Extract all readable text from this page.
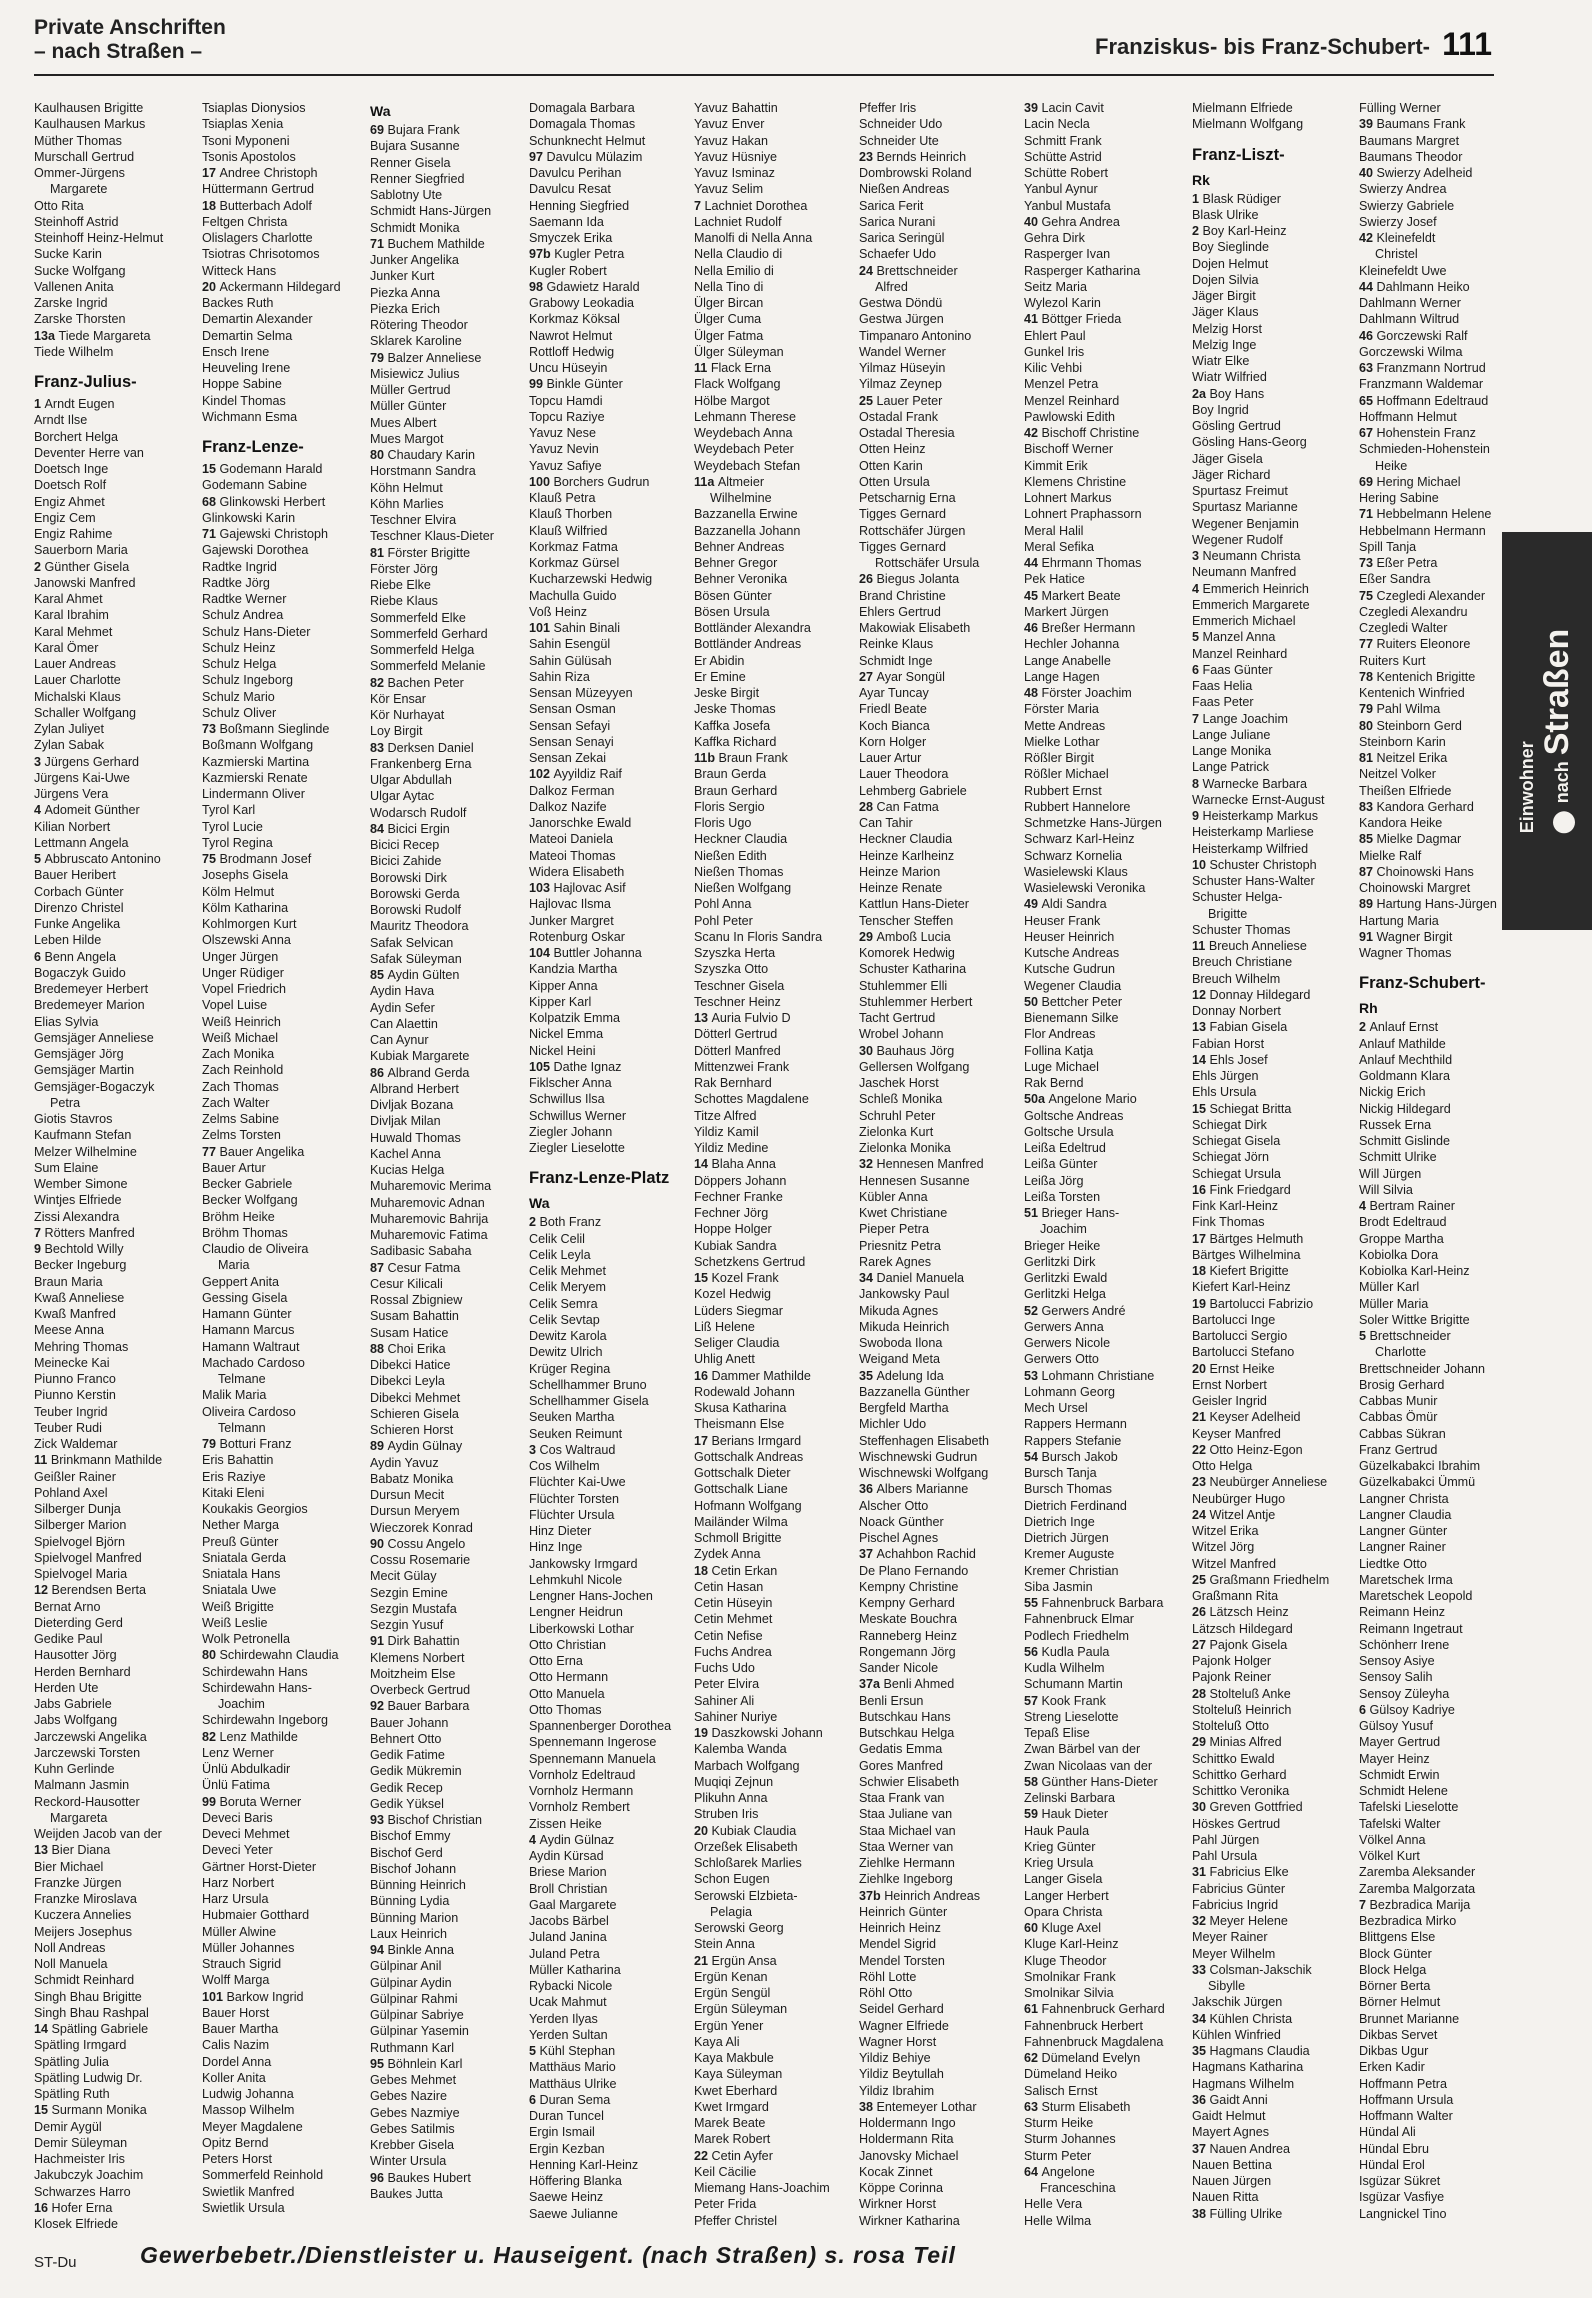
Private Anschriften
– nach Straßen –	Franziskus- bis Franz-Schubert- 111
Kaulhausen Brigitte
Kaulhausen Markus
Müther Thomas
Murschall Gertrud
Ommer-Jürgens
Margarete
Otto Rita
Steinhoff Astrid
Steinhoff Heinz-Helmut
Sucke Karin
Sucke Wolfgang
Vallenen Anita
Zarske Ingrid
Zarske Thorsten
13a Tiede Margareta
Tiede Wilhelm
Franz-Julius-
1 Arndt Eugen
Arndt Ilse
Borchert Helga
Deventer Herre van
Doetsch Inge
Doetsch Rolf
Engiz Ahmet
Engiz Cem
Engiz Rahime
Sauerborn Maria
2 Günther Gisela
Janowski Manfred
Karal Ahmet
Karal Ibrahim
Karal Mehmet
Karal Ömer
Lauer Andreas
Lauer Charlotte
Michalski Klaus
Schaller Wolfgang
Zylan Juliyet
Zylan Sabak
3 Jürgens Gerhard
Jürgens Kai-Uwe
Jürgens Vera
4 Adomeit Günther
Kilian Norbert
Lettmann Angela
5 Abbruscato Antonino
Bauer Heribert
Corbach Günter
Direnzo Christel
Funke Angelika
Leben Hilde
6 Benn Angela
Bogaczyk Guido
Bredemeyer Herbert
Bredemeyer Marion
Elias Sylvia
Gemsjäger Anneliese
Gemsjäger Jörg
Gemsjäger Martin
Gemsjäger-Bogaczyk
Petra
Giotis Stavros
Kaufmann Stefan
Melzer Wilhelmine
Sum Elaine
Wember Simone
Wintjes Elfriede
Zissi Alexandra
7 Rötters Manfred
9 Bechtold Willy
Becker Ingeburg
Braun Maria
Kwaß Anneliese
Kwaß Manfred
Meese Anna
Mehring Thomas
Meinecke Kai
Piunno Franco
Piunno Kerstin
Teuber Ingrid
Teuber Rudi
Zick Waldemar
11 Brinkmann Mathilde
Geißler Rainer
Pohland Axel
Silberger Dunja
Silberger Marion
Spielvogel Björn
Spielvogel Manfred
Spielvogel Maria
12 Berendsen Berta
Bernat Arno
Dieterding Gerd
Gedike Paul
Hausotter Jörg
Herden Bernhard
Herden Ute
Jabs Gabriele
Jabs Wolfgang
Jarczewski Angelika
Jarczewski Torsten
Kuhn Gerlinde
Malmann Jasmin
Reckord-Hausotter
Margareta
Weijden Jacob van der
13 Bier Diana
Bier Michael
Franzke Jürgen
Franzke Miroslava
Kuczera Annelies
Meijers Josephus
Noll Andreas
Noll Manuela
Schmidt Reinhard
Singh Bhau Brigitte
Singh Bhau Rashpal
14 Spätling Gabriele
Spätling Irmgard
Spätling Julia
Spätling Ludwig Dr.
Spätling Ruth
15 Surmann Monika
Demir Aygül
Demir Süleyman
Hachmeister Iris
Jakubczyk Joachim
Schwarzes Harro
16 Hofer Erna
Klosek Elfriede
Tsiaplas Dionysios
Tsiaplas Xenia
Tsoni Myponeni
Tsonis Apostolos
17 Andree Christoph
Hüttermann Gertrud
18 Butterbach Adolf
Feltgen Christa
Olislagers Charlotte
Tsiotras Chrisotomos
Witteck Hans
20 Ackermann Hildegard
Backes Ruth
Demartin Alexander
Demartin Selma
Ensch Irene
Heuveling Irene
Hoppe Sabine
Kindel Thomas
Wichmann Esma
Franz-Lenze-
15 Godemann Harald
Godemann Sabine
68 Glinkowski Herbert
Glinkowski Karin
71 Gajewski Christoph
Gajewski Dorothea
Radtke Ingrid
Radtke Jörg
Radtke Werner
Schulz Andrea
Schulz Hans-Dieter
Schulz Heinz
Schulz Helga
Schulz Ingeborg
Schulz Mario
Schulz Oliver
73 Boßmann Sieglinde
Boßmann Wolfgang
Kazmierski Martina
Kazmierski Renate
Lindermann Oliver
Tyrol Karl
Tyrol Lucie
Tyrol Regina
75 Brodmann Josef
Josephs Gisela
Kölm Helmut
Kölm Katharina
Kohlmorgen Kurt
Olszewski Anna
Unger Jürgen
Unger Rüdiger
Vopel Friedrich
Vopel Luise
Weiß Heinrich
Weiß Michael
Zach Monika
Zach Reinhold
Zach Thomas
Zach Walter
Zelms Sabine
Zelms Torsten
77 Bauer Angelika
Bauer Artur
Becker Gabriele
Becker Wolfgang
Bröhm Heike
Bröhm Thomas
Claudio de Oliveira
Maria
Geppert Anita
Gessing Gisela
Hamann Günter
Hamann Marcus
Hamann Waltraut
Machado Cardoso
Telmane
Malik Maria
Oliveira Cardoso
Telmann
79 Botturi Franz
Eris Bahattin
Eris Raziye
Kitaki Eleni
Koukakis Georgios
Nether Marga
Preuß Günter
Sniatala Gerda
Sniatala Hans
Sniatala Uwe
Weiß Brigitte
Weiß Leslie
Wolk Petronella
80 Schirdewahn Claudia
Schirdewahn Hans
Schirdewahn Hans-
Joachim
Schirdewahn Ingeborg
82 Lenz Mathilde
Lenz Werner
Ünlü Abdulkadir
Ünlü Fatima
99 Boruta Werner
Deveci Baris
Deveci Mehmet
Deveci Yeter
Gärtner Horst-Dieter
Harz Norbert
Harz Ursula
Hubmaier Gotthard
Müller Alwine
Müller Johannes
Strauch Sigrid
Wolff Marga
101 Barkow Ingrid
Bauer Horst
Bauer Martha
Calis Nazim
Dordel Anna
Koller Anita
Ludwig Johanna
Massop Wilhelm
Meyer Magdalene
Opitz Bernd
Peters Horst
Sommerfeld Reinhold
Swietlik Manfred
Swietlik Ursula
Wa
69 Bujara Frank
Bujara Susanne
Renner Gisela
Renner Siegfried
Sablotny Ute
Schmidt Hans-Jürgen
Schmidt Monika
71 Buchem Mathilde
Junker Angelika
Junker Kurt
Piezka Anna
Piezka Erich
Rötering Theodor
Sklarek Karoline
79 Balzer Anneliese
Misiewicz Julius
Müller Gertrud
Müller Günter
Mues Albert
Mues Margot
80 Chaudary Karin
Horstmann Sandra
Köhn Helmut
Köhn Marlies
Teschner Elvira
Teschner Klaus-Dieter
81 Förster Brigitte
Förster Jörg
Riebe Elke
Riebe Klaus
Sommerfeld Elke
Sommerfeld Gerhard
Sommerfeld Helga
Sommerfeld Melanie
82 Bachen Peter
Kör Ensar
Kör Nurhayat
Loy Birgit
83 Derksen Daniel
Frankenberg Erna
Ulgar Abdullah
Ulgar Aytac
Wodarsch Rudolf
84 Bicici Ergin
Bicici Recep
Bicici Zahide
Borowski Dirk
Borowski Gerda
Borowski Rudolf
Mauritz Theodora
Safak Selvican
Safak Süleyman
85 Aydin Gülten
Aydin Hava
Aydin Sefer
Can Alaettin
Can Aynur
Kubiak Margarete
86 Albrand Gerda
Albrand Herbert
Divljak Bozana
Divljak Milan
Huwald Thomas
Kachel Anna
Kucias Helga
Muharemovic Merima
Muharemovic Adnan
Muharemovic Bahrija
Muharemovic Fatima
Sadibasic Sabaha
87 Cesur Fatma
Cesur Kilicali
Rossal Zbigniew
Susam Bahattin
Susam Hatice
88 Choi Erika
Dibekci Hatice
Dibekci Leyla
Dibekci Mehmet
Schieren Gisela
Schieren Horst
89 Aydin Gülnay
Aydin Yavuz
Babatz Monika
Dursun Mecit
Dursun Meryem
Wieczorek Konrad
90 Cossu Angelo
Cossu Rosemarie
Mecit Gülay
Sezgin Emine
Sezgin Mustafa
Sezgin Yusuf
91 Dirk Bahattin
Klemens Norbert
Moitzheim Else
Overbeck Gertrud
92 Bauer Barbara
Bauer Johann
Behnert Otto
Gedik Fatime
Gedik Mükremin
Gedik Recep
Gedik Yüksel
93 Bischof Christian
Bischof Emmy
Bischof Gerd
Bischof Johann
Bünning Heinrich
Bünning Lydia
Bünning Marion
Laux Heinrich
94 Binkle Anna
Gülpinar Anil
Gülpinar Aydin
Gülpinar Rahmi
Gülpinar Sabriye
Gülpinar Yasemin
Ruthmann Karl
95 Böhnlein Karl
Gebes Mehmet
Gebes Nazire
Gebes Nazmiye
Gebes Satilmis
Krebber Gisela
Winter Ursula
96 Baukes Hubert
Baukes Jutta
Domagala Barbara
Domagala Thomas
Schunknecht Helmut
97 Davulcu Mülazim
Davulcu Perihan
Davulcu Resat
Henning Siegfried
Saemann Ida
Smyczek Erika
97b Kugler Petra
Kugler Robert
98 Gdawietz Harald
Grabowy Leokadia
Korkmaz Köksal
Nawrot Helmut
Rottloff Hedwig
Uncu Hüseyin
99 Binkle Günter
Topcu Hamdi
Topcu Raziye
Yavuz Nese
Yavuz Nevin
Yavuz Safiye
100 Borchers Gudrun
Klauß Petra
Klauß Thorben
Klauß Wilfried
Korkmaz Fatma
Korkmaz Gürsel
Kucharzewski Hedwig
Machulla Guido
Voß Heinz
101 Sahin Binali
Sahin Esengül
Sahin Gülüsah
Sahin Riza
Sensan Müzeyyen
Sensan Osman
Sensan Sefayi
Sensan Senayi
Sensan Zekai
102 Ayyildiz Raif
Dalkoz Ferman
Dalkoz Nazife
Janorschke Ewald
Mateoi Daniela
Mateoi Thomas
Widera Elisabeth
103 Hajlovac Asif
Hajlovac Ilsma
Junker Margret
Rotenburg Oskar
104 Buttler Johanna
Kandzia Martha
Kipper Anna
Kipper Karl
Kolpatzik Emma
Nickel Emma
Nickel Heini
105 Dathe Ignaz
Fiklscher Anna
Schwillus Ilsa
Schwillus Werner
Ziegler Johann
Ziegler Lieselotte
Franz-Lenze-Platz
Wa
2 Both Franz
Celik Celil
Celik Leyla
Celik Mehmet
Celik Meryem
Celik Semra
Celik Sevtap
Dewitz Karola
Dewitz Ulrich
Krüger Regina
Schellhammer Bruno
Schellhammer Gisela
Seuken Martha
Seuken Reimunt
3 Cos Waltraud
Cos Wilhelm
Flüchter Kai-Uwe
Flüchter Torsten
Flüchter Ursula
Hinz Dieter
Hinz Inge
Jankowsky Irmgard
Lehmkuhl Nicole
Lengner Hans-Jochen
Lengner Heidrun
Liberkowski Lothar
Otto Christian
Otto Erna
Otto Hermann
Otto Manuela
Otto Thomas
Spannenberger Dorothea
Spennemann Ingerose
Spennemann Manuela
Vornholz Edeltraud
Vornholz Hermann
Vornholz Rembert
Zissen Heike
4 Aydin Gülnaz
Aydin Kürsad
Briese Marion
Broll Christian
Gaal Margarete
Jacobs Bärbel
Juland Janina
Juland Petra
Müller Katharina
Rybacki Nicole
Ucak Mahmut
Yerden Ilyas
Yerden Sultan
5 Kühl Stephan
Matthäus Mario
Matthäus Ulrike
6 Duran Sema
Duran Tuncel
Ergin Ismail
Ergin Kezban
Henning Karl-Heinz
Höffering Blanka
Saewe Heinz
Saewe Julianne
Yavuz Bahattin
Yavuz Enver
Yavuz Hakan
Yavuz Hüsniye
Yavuz Isminaz
Yavuz Selim
7 Lachniet Dorothea
Lachniet Rudolf
Manolfi di Nella Anna
Nella Claudio di
Nella Emilio di
Nella Tino di
Ülger Bircan
Ülger Cuma
Ülger Fatma
Ülger Süleyman
11 Flack Erna
Flack Wolfgang
Hölbe Margot
Lehmann Therese
Weydebach Anna
Weydebach Peter
Weydebach Stefan
11a Altmeier
Wilhelmine
Bazzanella Erwine
Bazzanella Johann
Behner Andreas
Behner Gregor
Behner Veronika
Bösen Günter
Bösen Ursula
Bottländer Alexandra
Bottländer Andreas
Er Abidin
Er Emine
Jeske Birgit
Jeske Thomas
Kaffka Josefa
Kaffka Richard
11b Braun Frank
Braun Gerda
Braun Gerhard
Floris Sergio
Floris Ugo
Heckner Claudia
Nießen Edith
Nießen Thomas
Nießen Wolfgang
Pohl Anna
Pohl Peter
Scanu In Floris Sandra
Szyszka Herta
Szyszka Otto
Teschner Gisela
Teschner Heinz
13 Auria Fulvio D
Dötterl Gertrud
Dötterl Manfred
Mittenzwei Frank
Rak Bernhard
Schottes Magdalene
Titze Alfred
Yildiz Kamil
Yildiz Medine
14 Blaha Anna
Döppers Johann
Fechner Franke
Fechner Jörg
Hoppe Holger
Kubiak Sandra
Schetzkens Gertrud
15 Kozel Frank
Kozel Hedwig
Lüders Siegmar
Liß Helene
Seliger Claudia
Uhlig Anett
16 Dammer Mathilde
Rodewald Johann
Skusa Katharina
Theismann Else
17 Berians Irmgard
Gottschalk Andreas
Gottschalk Dieter
Gottschalk Liane
Hofmann Wolfgang
Mailänder Wilma
Schmoll Brigitte
Zydek Anna
18 Cetin Erkan
Cetin Hasan
Cetin Hüseyin
Cetin Mehmet
Cetin Nefise
Fuchs Andrea
Fuchs Udo
Peter Elvira
Sahiner Ali
Sahiner Nuriye
19 Daszkowski Johann
Kalemba Wanda
Marbach Wolfgang
Muqiqi Zejnun
Plikuhn Anna
Struben Iris
20 Kubiak Claudia
Orzeßek Elisabeth
Schloßarek Marlies
Schon Eugen
Serowski Elzbieta-
Pelagia
Serowski Georg
Stein Anna
21 Ergün Ansa
Ergün Kenan
Ergün Sengül
Ergün Süleyman
Ergün Yener
Kaya Ali
Kaya Makbule
Kaya Süleyman
Kwet Eberhard
Kwet Irmgard
Marek Beate
Marek Robert
22 Cetin Ayfer
Keil Cäcilie
Miemang Hans-Joachim
Peter Frida
Pfeffer Christel
Pfeffer Iris
Schneider Udo
Schneider Ute
23 Bernds Heinrich
Dombrowski Roland
Nießen Andreas
Sarica Ferit
Sarica Nurani
Sarica Seringül
Schaefer Udo
24 Brettschneider
Alfred
Gestwa Döndü
Gestwa Jürgen
Timpanaro Antonino
Wandel Werner
Yilmaz Hüseyin
Yilmaz Zeynep
25 Lauer Peter
Ostadal Frank
Ostadal Theresia
Otten Heinz
Otten Karin
Otten Ursula
Petscharnig Erna
Tigges Gernard
Rottschäfer Jürgen
Tigges Gernard
Rottschäfer Ursula
26 Biegus Jolanta
Brand Christine
Ehlers Gertrud
Makowiak Elisabeth
Reinke Klaus
Schmidt Inge
27 Ayar Songül
Ayar Tuncay
Friedl Beate
Koch Bianca
Korn Holger
Lauer Artur
Lauer Theodora
Lehmberg Gabriele
28 Can Fatma
Can Tahir
Heckner Claudia
Heinze Karlheinz
Heinze Marion
Heinze Renate
Kattlun Hans-Dieter
Tenscher Steffen
29 Amboß Lucia
Komorek Hedwig
Schuster Katharina
Stuhlemmer Elli
Stuhlemmer Herbert
Tacht Gertrud
Wrobel Johann
30 Bauhaus Jörg
Gellersen Wolfgang
Jaschek Horst
Schleß Monika
Schruhl Peter
Zielonka Kurt
Zielonka Monika
32 Hennesen Manfred
Hennesen Susanne
Kübler Anna
Kwet Christiane
Pieper Petra
Priesnitz Petra
Rarek Agnes
34 Daniel Manuela
Jankowsky Paul
Mikuda Agnes
Mikuda Heinrich
Swoboda Ilona
Weigand Meta
35 Adelung Ida
Bazzanella Günther
Bergfeld Martha
Michler Udo
Steffenhagen Elisabeth
Wischnewski Gudrun
Wischnewski Wolfgang
36 Albers Marianne
Alscher Otto
Noack Günther
Pischel Agnes
37 Achahbon Rachid
De Plano Fernando
Kempny Christine
Kempny Gerhard
Meskate Bouchra
Ranneberg Heinz
Rongemann Jörg
Sander Nicole
37a Benli Ahmed
Benli Ersun
Butschkau Hans
Butschkau Helga
Gedatis Emma
Gores Manfred
Schwier Elisabeth
Staa Frank van
Staa Juliane van
Staa Michael van
Staa Werner van
Ziehlke Hermann
Ziehlke Ingeborg
37b Heinrich Andreas
Heinrich Günter
Heinrich Heinz
Mendel Sigrid
Mendel Torsten
Röhl Lotte
Röhl Otto
Seidel Gerhard
Wagner Elfriede
Wagner Horst
Yildiz Behiye
Yildiz Beytullah
Yildiz Ibrahim
38 Entemeyer Lothar
Holdermann Ingo
Holdermann Rita
Janovsky Michael
Kocak Zinnet
Köppe Corinna
Wirkner Horst
Wirkner Katharina
39 Lacin Cavit
Lacin Necla
Schmitt Frank
Schütte Astrid
Schütte Robert
Yanbul Aynur
Yanbul Mustafa
40 Gehra Andrea
Gehra Dirk
Rasperger Ivan
Rasperger Katharina
Seitz Maria
Wylezol Karin
41 Böttger Frieda
Ehlert Paul
Gunkel Iris
Kilic Vehbi
Menzel Petra
Menzel Reinhard
Pawlowski Edith
42 Bischoff Christine
Bischoff Werner
Kimmit Erik
Klemens Christine
Lohnert Markus
Lohnert Praphassorn
Meral Halil
Meral Sefika
44 Ehrmann Thomas
Pek Hatice
45 Markert Beate
Markert Jürgen
46 Breßer Hermann
Hechler Johanna
Lange Anabelle
Lange Hagen
48 Förster Joachim
Förster Maria
Mette Andreas
Mielke Lothar
Rößler Birgit
Rößler Michael
Rubbert Ernst
Rubbert Hannelore
Schmetzke Hans-Jürgen
Schwarz Karl-Heinz
Schwarz Kornelia
Wasielewski Klaus
Wasielewski Veronika
49 Aldi Sandra
Heuser Frank
Heuser Heinrich
Kutsche Andreas
Kutsche Gudrun
Wegener Claudia
50 Bettcher Peter
Bienemann Silke
Flor Andreas
Follina Katja
Luge Michael
Rak Bernd
50a Angelone Mario
Goltsche Andreas
Goltsche Ursula
Leißa Edeltrud
Leißa Günter
Leißa Jörg
Leißa Torsten
51 Brieger Hans-
Joachim
Brieger Heike
Gerlitzki Dirk
Gerlitzki Ewald
Gerlitzki Helga
52 Gerwers André
Gerwers Anna
Gerwers Nicole
Gerwers Otto
53 Lohmann Christiane
Lohmann Georg
Mech Ursel
Rappers Hermann
Rappers Stefanie
54 Bursch Jakob
Bursch Tanja
Bursch Thomas
Dietrich Ferdinand
Dietrich Inge
Dietrich Jürgen
Kremer Auguste
Kremer Christian
Siba Jasmin
55 Fahnenbruck Barbara
Fahnenbruck Elmar
Podlech Friedhelm
56 Kudla Paula
Kudla Wilhelm
Schumann Martin
57 Kook Frank
Streng Lieselotte
Tepaß Elise
Zwan Bärbel van der
Zwan Nicolaas van der
58 Günther Hans-Dieter
Zelinski Barbara
59 Hauk Dieter
Hauk Paula
Krieg Günter
Krieg Ursula
Langer Gisela
Langer Herbert
Opara Christa
60 Kluge Axel
Kluge Karl-Heinz
Kluge Theodor
Smolnikar Frank
Smolnikar Silvia
61 Fahnenbruck Gerhard
Fahnenbruck Herbert
Fahnenbruck Magdalena
62 Dümeland Evelyn
Dümeland Heiko
Salisch Ernst
63 Sturm Elisabeth
Sturm Heike
Sturm Johannes
Sturm Peter
64 Angelone
Franceschina
Helle Vera
Helle Wilma
Mielmann Elfriede
Mielmann Wolfgang
Franz-Liszt-
Rk
1 Blask Rüdiger
Blask Ulrike
2 Boy Karl-Heinz
Boy Sieglinde
Dojen Helmut
Dojen Silvia
Jäger Birgit
Jäger Klaus
Melzig Horst
Melzig Inge
Wiatr Elke
Wiatr Wilfried
2a Boy Hans
Boy Ingrid
Gösling Gertrud
Gösling Hans-Georg
Jäger Gisela
Jäger Richard
Spurtasz Freimut
Spurtasz Marianne
Wegener Benjamin
Wegener Rudolf
3 Neumann Christa
Neumann Manfred
4 Emmerich Heinrich
Emmerich Margarete
Emmerich Michael
5 Manzel Anna
Manzel Reinhard
6 Faas Günter
Faas Helia
Faas Peter
7 Lange Joachim
Lange Juliane
Lange Monika
Lange Patrick
8 Warnecke Barbara
Warnecke Ernst-August
9 Heisterkamp Markus
Heisterkamp Marliese
Heisterkamp Wilfried
10 Schuster Christoph
Schuster Hans-Walter
Schuster Helga-
Brigitte
Schuster Thomas
11 Breuch Anneliese
Breuch Christiane
Breuch Wilhelm
12 Donnay Hildegard
Donnay Norbert
13 Fabian Gisela
Fabian Horst
14 Ehls Josef
Ehls Jürgen
Ehls Ursula
15 Schiegat Britta
Schiegat Dirk
Schiegat Gisela
Schiegat Jörn
Schiegat Ursula
16 Fink Friedgard
Fink Karl-Heinz
Fink Thomas
17 Bärtges Helmuth
Bärtges Wilhelmina
18 Kiefert Brigitte
Kiefert Karl-Heinz
19 Bartolucci Fabrizio
Bartolucci Inge
Bartolucci Sergio
Bartolucci Stefano
20 Ernst Heike
Ernst Norbert
Geisler Ingrid
21 Keyser Adelheid
Keyser Manfred
22 Otto Heinz-Egon
Otto Helga
23 Neubürger Anneliese
Neubürger Hugo
24 Witzel Antje
Witzel Erika
Witzel Jörg
Witzel Manfred
25 Graßmann Friedhelm
Graßmann Rita
26 Lätzsch Heinz
Lätzsch Hildegard
27 Pajonk Gisela
Pajonk Holger
Pajonk Reiner
28 Stolteluß Anke
Stolteluß Heinrich
Stolteluß Otto
29 Minias Alfred
Schittko Ewald
Schittko Gerhard
Schittko Veronika
30 Greven Gottfried
Höskes Gertrud
Pahl Jürgen
Pahl Ursula
31 Fabricius Elke
Fabricius Günter
Fabricius Ingrid
32 Meyer Helene
Meyer Rainer
Meyer Wilhelm
33 Colsman-Jakschik
Sibylle
Jakschik Jürgen
34 Kühlen Christa
Kühlen Winfried
35 Hagmans Claudia
Hagmans Katharina
Hagmans Wilhelm
36 Gaidt Anni
Gaidt Helmut
Mayert Agnes
37 Nauen Andrea
Nauen Bettina
Nauen Jürgen
Nauen Ritta
38 Fülling Ulrike
Fülling Werner
39 Baumans Frank
Baumans Margret
Baumans Theodor
40 Swierzy Adelheid
Swierzy Andrea
Swierzy Gabriele
Swierzy Josef
42 Kleinefeldt
Christel
Kleinefeldt Uwe
44 Dahlmann Heiko
Dahlmann Werner
Dahlmann Wiltrud
46 Gorczewski Ralf
Gorczewski Wilma
63 Franzmann Nortrud
Franzmann Waldemar
65 Hoffmann Edeltraud
Hoffmann Helmut
67 Hohenstein Franz
Schmieden-Hohenstein
Heike
69 Hering Michael
Hering Sabine
71 Hebbelmann Helene
Hebbelmann Hermann
Spill Tanja
73 Eßer Petra
Eßer Sandra
75 Czegledi Alexander
Czegledi Alexandru
Czegledi Walter
77 Ruiters Eleonore
Ruiters Kurt
78 Kentenich Brigitte
Kentenich Winfried
79 Pahl Wilma
80 Steinborn Gerd
Steinborn Karin
81 Neitzel Erika
Neitzel Volker
Theißen Elfriede
83 Kandora Gerhard
Kandora Heike
85 Mielke Dagmar
Mielke Ralf
87 Choinowski Hans
Choinowski Margret
89 Hartung Hans-Jürgen
Hartung Maria
91 Wagner Birgit
Wagner Thomas
Franz-Schubert-
Rh
2 Anlauf Ernst
Anlauf Mathilde
Anlauf Mechthild
Goldmann Klara
Nickig Erich
Nickig Hildegard
Russek Erna
Schmitt Gislinde
Schmitt Ulrike
Will Jürgen
Will Silvia
4 Bertram Rainer
Brodt Edeltraud
Groppe Martha
Kobiolka Dora
Kobiolka Karl-Heinz
Müller Karl
Müller Maria
Soler Wittke Brigitte
5 Brettschneider
Charlotte
Brettschneider Johann
Brosig Gerhard
Cabbas Munir
Cabbas Ömür
Cabbas Sükran
Franz Gertrud
Güzelkabakci Ibrahim
Güzelkabakci Ümmü
Langner Christa
Langner Claudia
Langner Günter
Langner Rainer
Liedtke Otto
Maretschek Irma
Maretschek Leopold
Reimann Heinz
Reimann Ingetraut
Schönherr Irene
Sensoy Asiye
Sensoy Salih
Sensoy Züleyha
6 Gülsoy Kadriye
Gülsoy Yusuf
Mayer Gertrud
Mayer Heinz
Schmidt Erwin
Schmidt Helene
Tafelski Lieselotte
Tafelski Walter
Völkel Anna
Völkel Kurt
Zaremba Aleksander
Zaremba Malgorzata
7 Bezbradica Marija
Bezbradica Mirko
Blittgens Else
Block Günter
Block Helga
Börner Berta
Börner Helmut
Brunnet Marianne
Dikbas Servet
Dikbas Ugur
Erken Kadir
Hoffmann Petra
Hoffmann Ursula
Hoffmann Walter
Hündal Ali
Hündal Ebru
Hündal Erol
Isgüzar Sükret
Isgüzar Vasfiye
Langnickel Tino
Einwohner nachStraßen
ST-Du	Gewerbebetr./Dienstleister u. Hauseigent. (nach Straßen) s. rosa Teil
